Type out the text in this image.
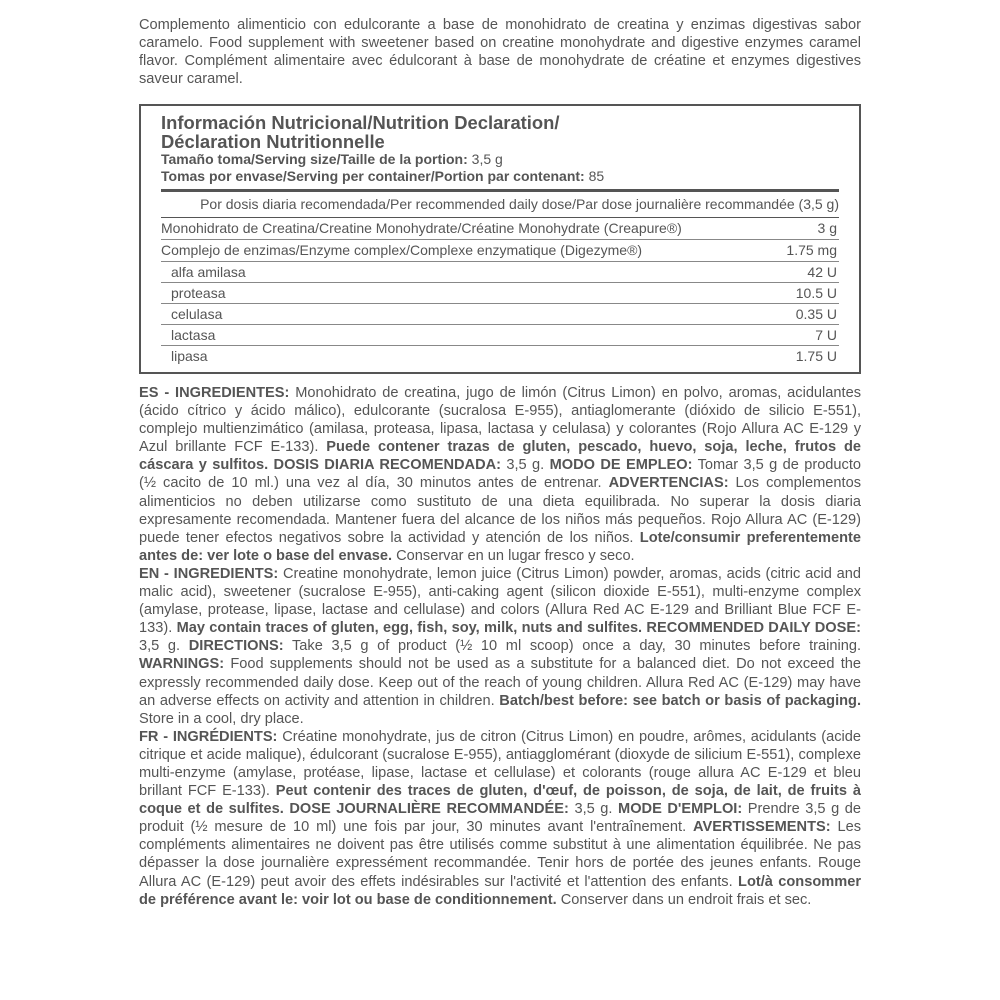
Complemento alimenticio con edulcorante a base de monohidrato de creatina y enzimas digestivas sabor caramelo. Food supplement with sweetener based on creatine monohydrate and digestive enzymes caramel flavor. Complément alimentaire avec édulcorant à base de monohydrate de créatine et enzymes digestives saveur caramel.

Información Nutricional/Nutrition Declaration/
Déclaration Nutritionnelle

Tamaño toma/Serving size/Taille de la portion: 3,5 g

Tomas por envase/Serving per container/Portion par contenant: 85

Por dosis diaria recomendada/Per recommended daily dose/Par dose journalière recommandée (3,5 g)
Monohidrato de Creatina/Creatine Monohydrate/Créatine Monohydrate (Creapure®)	3 g
Complejo de enzimas/Enzyme complex/Complexe enzymatique (Digezyme®)	1.75 mg
alfa amilasa	42 U
proteasa	10.5 U
celulasa	0.35 U
lactasa	7 U
lipasa	1.75 U

ES - INGREDIENTES: Monohidrato de creatina, jugo de limón (Citrus Limon) en polvo, aromas, acidulantes (ácido cítrico y ácido málico), edulcorante (sucralosa E-955), antiaglomerante (dióxido de silicio E-551), complejo multienzimático (amilasa, proteasa, lipasa, lactasa y celulasa) y colorantes (Rojo Allura AC E-129 y Azul brillante FCF E-133). Puede contener trazas de gluten, pescado, huevo, soja, leche, frutos de cáscara y sulfitos. DOSIS DIARIA RECOMENDADA: 3,5 g. MODO DE EMPLEO: Tomar 3,5 g de producto (½ cacito de 10 ml.) una vez al día, 30 minutos antes de entrenar. ADVERTENCIAS: Los complementos alimenticios no deben utilizarse como sustituto de una dieta equilibrada. No superar la dosis diaria expresamente recomendada. Mantener fuera del alcance de los niños más pequeños. Rojo Allura AC (E-129) puede tener efectos negativos sobre la actividad y atención de los niños. Lote/consumir preferentemente antes de: ver lote o base del envase. Conservar en un lugar fresco y seco.

EN - INGREDIENTS: Creatine monohydrate, lemon juice (Citrus Limon) powder, aromas, acids (citric acid and malic acid), sweetener (sucralose E-955), anti-caking agent (silicon dioxide E-551), multi-enzyme complex (amylase, protease, lipase, lactase and cellulase) and colors (Allura Red AC E-129 and Brilliant Blue FCF E-133). May contain traces of gluten, egg, fish, soy, milk, nuts and sulfites. RECOMMENDED DAILY DOSE: 3,5 g. DIRECTIONS: Take 3,5 g of product (½ 10 ml scoop) once a day, 30 minutes before training. WARNINGS: Food supplements should not be used as a substitute for a balanced diet. Do not exceed the expressly recommended daily dose. Keep out of the reach of young children. Allura Red AC (E-129) may have an adverse effects on activity and attention in children. Batch/best before: see batch or basis of packaging. Store in a cool, dry place.

FR - INGRÉDIENTS: Créatine monohydrate, jus de citron (Citrus Limon) en poudre, arômes, acidulants (acide citrique et acide malique), édulcorant (sucralose E-955), antiagglomérant (dioxyde de silicium E-551), complexe multi-enzyme (amylase, protéase, lipase, lactase et cellulase) et colorants (rouge allura AC E-129 et bleu brillant FCF E-133). Peut contenir des traces de gluten, d'œuf, de poisson, de soja, de lait, de fruits à coque et de sulfites. DOSE JOURNALIÈRE RECOMMANDÉE: 3,5 g. MODE D'EMPLOI: Prendre 3,5 g de produit (½ mesure de 10 ml) une fois par jour, 30 minutes avant l'entraînement. AVERTISSEMENTS: Les compléments alimentaires ne doivent pas être utilisés comme substitut à une alimentation équilibrée. Ne pas dépasser la dose journalière expressément recommandée. Tenir hors de portée des jeunes enfants. Rouge Allura AC (E-129) peut avoir des effets indésirables sur l'activité et l'attention des enfants. Lot/à consommer de préférence avant le: voir lot ou base de conditionnement. Conserver dans un endroit frais et sec.
